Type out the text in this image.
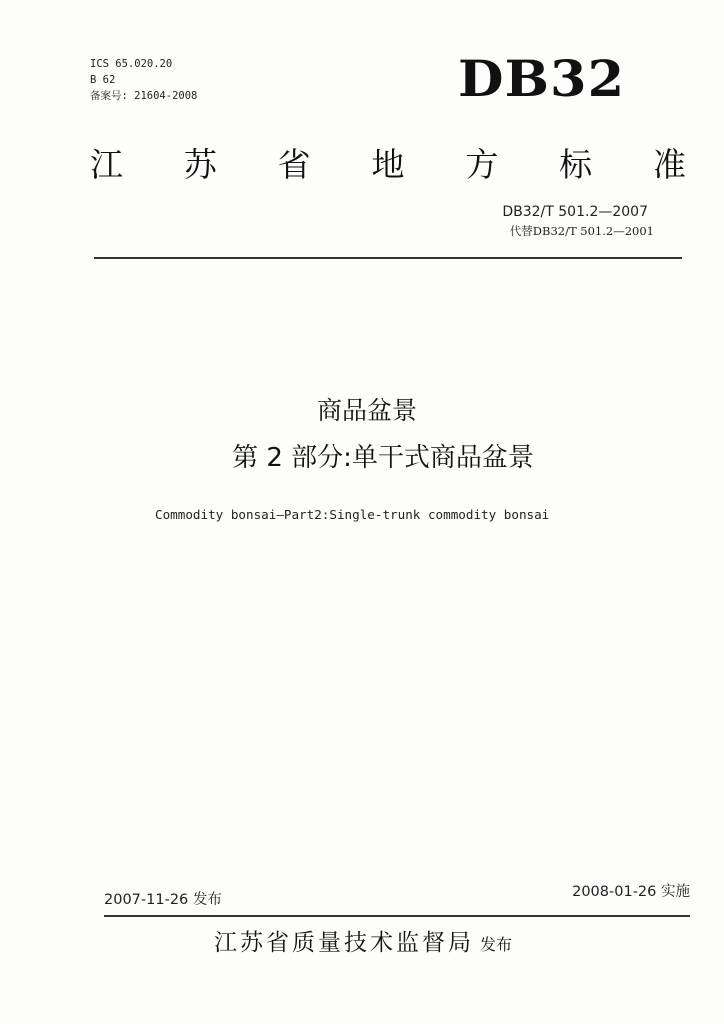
ICS 65.020.20
B 62
备案号: 21604-2008	DB32
江 苏 省 地 方 标 准
DB32/T 501.2—2007
代替DB32/T 501.2—2001
商品盆景
第 2 部分:单干式商品盆景
Commodity bonsai—Part2:Single-trunk commodity bonsai
2007-11-26 发布	2008-01-26 实施
江苏省质量技术监督局 发布
